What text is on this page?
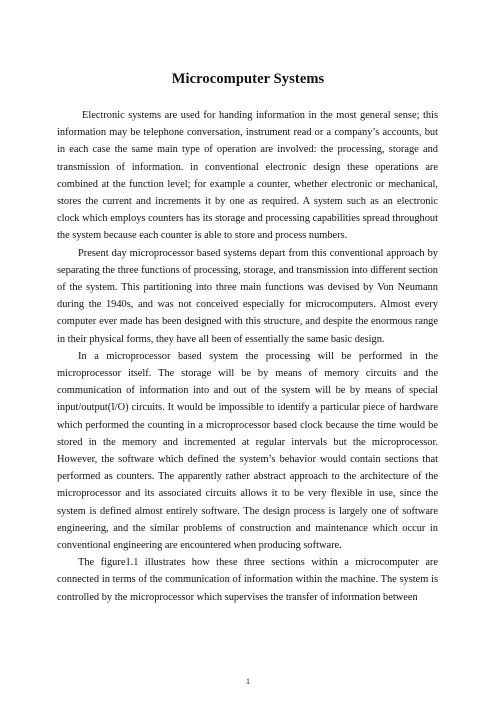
Microcomputer Systems

Electronic systems are used for handing information in the most general sense; this information may be telephone conversation, instrument read or a company’s accounts, but in each case the same main type of operation are involved: the processing, storage and transmission of information. in conventional electronic design these operations are combined at the function level; for example a counter, whether electronic or mechanical, stores the current and increments it by one as required. A system such as an electronic clock which employs counters has its storage and processing capabilities spread throughout the system because each counter is able to store and process numbers.

Present day microprocessor based systems depart from this conventional approach by separating the three functions of processing, storage, and transmission into different section of the system. This partitioning into three main functions was devised by Von Neumann during the 1940s, and was not conceived especially for microcomputers. Almost every computer ever made has been designed with this structure, and despite the enormous range in their physical forms, they have all been of essentially the same basic design.

In a microprocessor based system the processing will be performed in the microprocessor itself. The storage will be by means of memory circuits and the communication of information into and out of the system will be by means of special input/output(I/O) circuits. It would be impossible to identify a particular piece of hardware which performed the counting in a microprocessor based clock because the time would be stored in the memory and incremented at regular intervals but the microprocessor. However, the software which defined the system’s behavior would contain sections that performed as counters. The apparently rather abstract approach to the architecture of the microprocessor and its associated circuits allows it to be very flexible in use, since the system is defined almost entirely software. The design process is largely one of software engineering, and the similar problems of construction and maintenance which occur in conventional engineering are encountered when producing software.

The figure1.1 illustrates how these three sections within a microcomputer are connected in terms of the communication of information within the machine. The system is controlled by the microprocessor which supervises the transfer of information between

1
